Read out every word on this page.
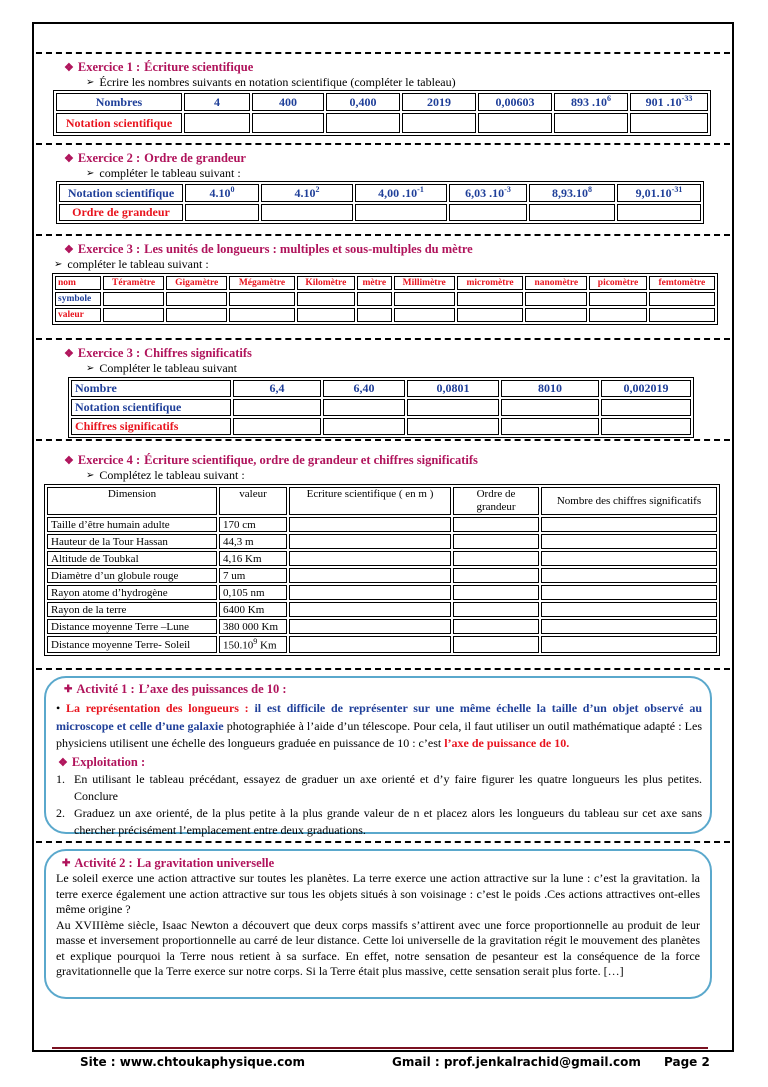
❖ Exercice 1 : Écriture scientifique
➢ Écrire les nombres suivants en notation scientifique (compléter le tableau)
Nombres	4	400	0,400	2019	0,00603	893 $.10^6$	901 $.10^{-33}$
Notation scientifique							
❖ Exercice 2 : Ordre de grandeur
➢ compléter le tableau suivant :
Notation scientifique	4.10$^0$	4.10$^2$	4,00 $.10^{-1}$	6,03 $.10^{-3}$	8,93.10$^8$	$9,01.10^{-31}$
Ordre de grandeur						
❖ Exercice 3 : Les unités de longueurs : multiples et sous-multiples du mètre
➢ compléter le tableau suivant :
nom	Téramètre	Gigamètre	Mégamètre	Kilomètre	mètre	Millimètre	micromètre	nanomètre	picomètre	femtomètre
symbole										
valeur										
❖ Exercice 3 : Chiffres significatifs
➢ Compléter le tableau suivant
Nombre	6,4	6,40	0,0801	8010	0,002019
Notation scientifique					
Chiffres significatifs					
❖ Exercice 4 : Écriture scientifique, ordre de grandeur et chiffres significatifs
➢ Complétez le tableau suivant :
Dimension	valeur	Ecriture scientifique ( en m )	Ordre de grandeur	Nombre des chiffres significatifs
Taille d’être humain adulte	170 cm			
Hauteur de la Tour Hassan	44,3 m			
Altitude de Toubkal	4,16 Km			
Diamètre d’un globule rouge	7 um			
Rayon atome d’hydrogène	0,105 nm			
Rayon de la terre	6400 Km			
Distance moyenne Terre –Lune	380 000 Km			
Distance moyenne Terre- Soleil	150.10$^9$ Km			
✚ Activité 1 : L’axe des puissances de 10 :
• La représentation des longueurs : il est difficile de représenter sur une même échelle la taille d’un objet observé au microscope et celle d’une galaxie photographiée à l’aide d’un télescope. Pour cela, il faut utiliser un outil mathématique adapté : Les physiciens utilisent une échelle des longueurs graduée en puissance de 10 : c’est l’axe de puissance de 10.
❖ Exploitation :
1. En utilisant le tableau précédant, essayez de graduer un axe orienté et d’y faire figurer les quatre longueurs les plus petites. Conclure
2. Graduez un axe orienté, de la plus petite à la plus grande valeur de n et placez alors les longueurs du tableau sur cet axe sans chercher précisément l’emplacement entre deux graduations.
✚ Activité 2 : La gravitation universelle
Le soleil exerce une action attractive sur toutes les planètes. La terre exerce une action attractive sur la lune : c’est la gravitation. la terre exerce également une action attractive sur tous les objets situés à son voisinage : c’est le poids .Ces actions attractives ont-elles même origine ?
Au XVIIIème siècle, Isaac Newton a découvert que deux corps massifs s’attirent avec une force proportionnelle au produit de leur masse et inversement proportionnelle au carré de leur distance. Cette loi universelle de la gravitation régit le mouvement des planètes et explique pourquoi la Terre nous retient à sa surface. En effet, notre sensation de pesanteur est la conséquence de la force gravitationnelle que la Terre exerce sur notre corps. Si la Terre était plus massive, cette sensation serait plus forte. […]
Site : www.chtoukaphysique.com	Gmail : prof.jenkalrachid@gmail.com Page 2
